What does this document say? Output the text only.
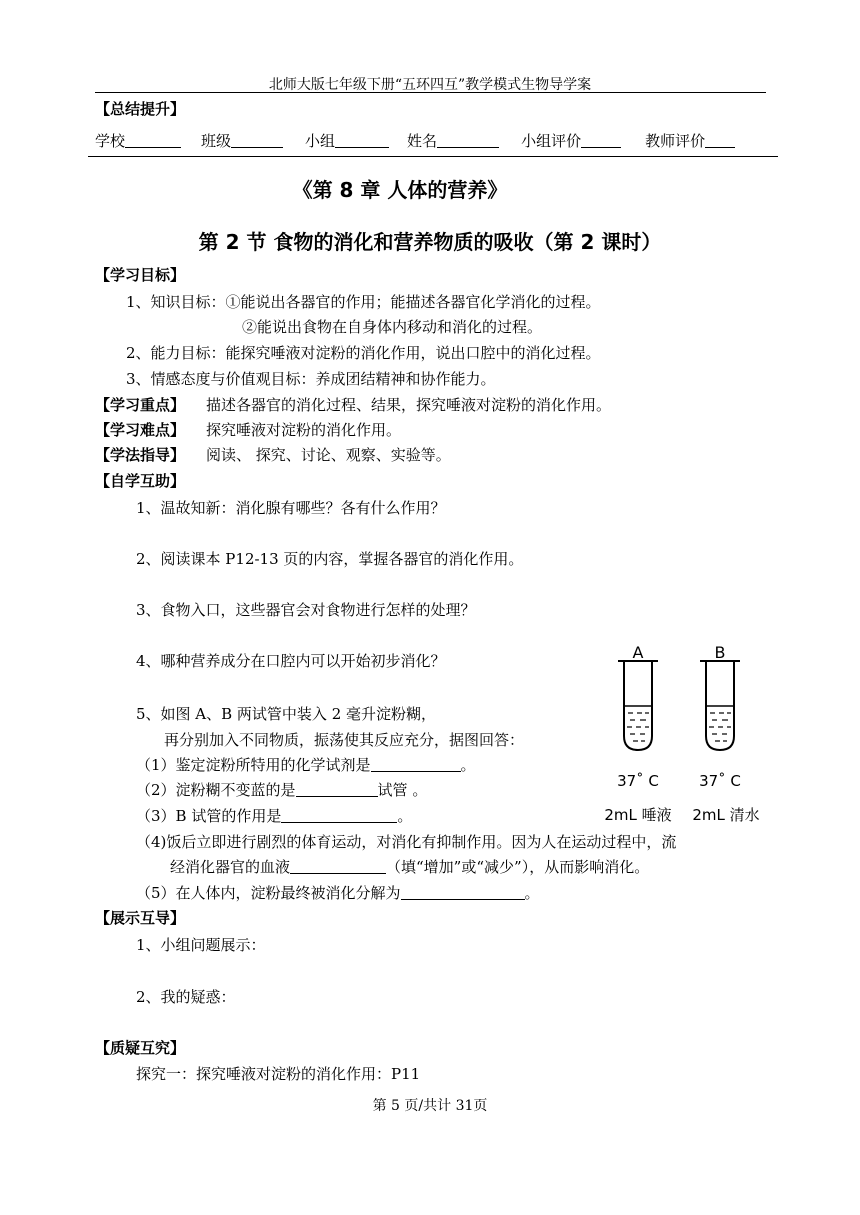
北师大版七年级下册“五环四互”教学模式生物导学案
【总结提升】
学校	班级	小组	姓名	小组评价	教师评价
《第 8 章 人体的营养》
第 2 节 食物的消化和营养物质的吸收（第 2 课时）
【学习目标】
1、知识目标：①能说出各器官的作用；能描述各器官化学消化的过程。
②能说出食物在自身体内移动和消化的过程。
2、能力目标：能探究唾液对淀粉的消化作用，说出口腔中的消化过程。
3、情感态度与价值观目标：养成团结精神和协作能力。
【学习重点】 描述各器官的消化过程、结果，探究唾液对淀粉的消化作用。
【学习难点】 探究唾液对淀粉的消化作用。
【学法指导】 阅读、 探究、讨论、观察、实验等。
【自学互助】
1、温故知新：消化腺有哪些？各有什么作用？
2、阅读课本 P12-13 页的内容，掌握各器官的消化作用。
3、食物入口，这些器官会对食物进行怎样的处理？
4、哪种营养成分在口腔内可以开始初步消化？
5、如图 A、B 两试管中装入 2 毫升淀粉糊，
再分别加入不同物质，振荡使其反应充分，据图回答：
（1）鉴定淀粉所特用的化学试剂是	。
（2）淀粉糊不变蓝的是	试管 。
（3）B 试管的作用是	。
（4)饭后立即进行剧烈的体育运动，对消化有抑制作用。因为人在运动过程中，流
经消化器官的血液	（填“增加”或“减少”），从而影响消化。
（5）在人体内，淀粉最终被消化分解为	。
A	B
37˚ C	37˚ C
2mL 唾液 2mL 清水
【展示互导】
1、小组问题展示：
2、我的疑惑：
【质疑互究】
探究一：探究唾液对淀粉的消化作用：P11
第 5 页/共计 31页
